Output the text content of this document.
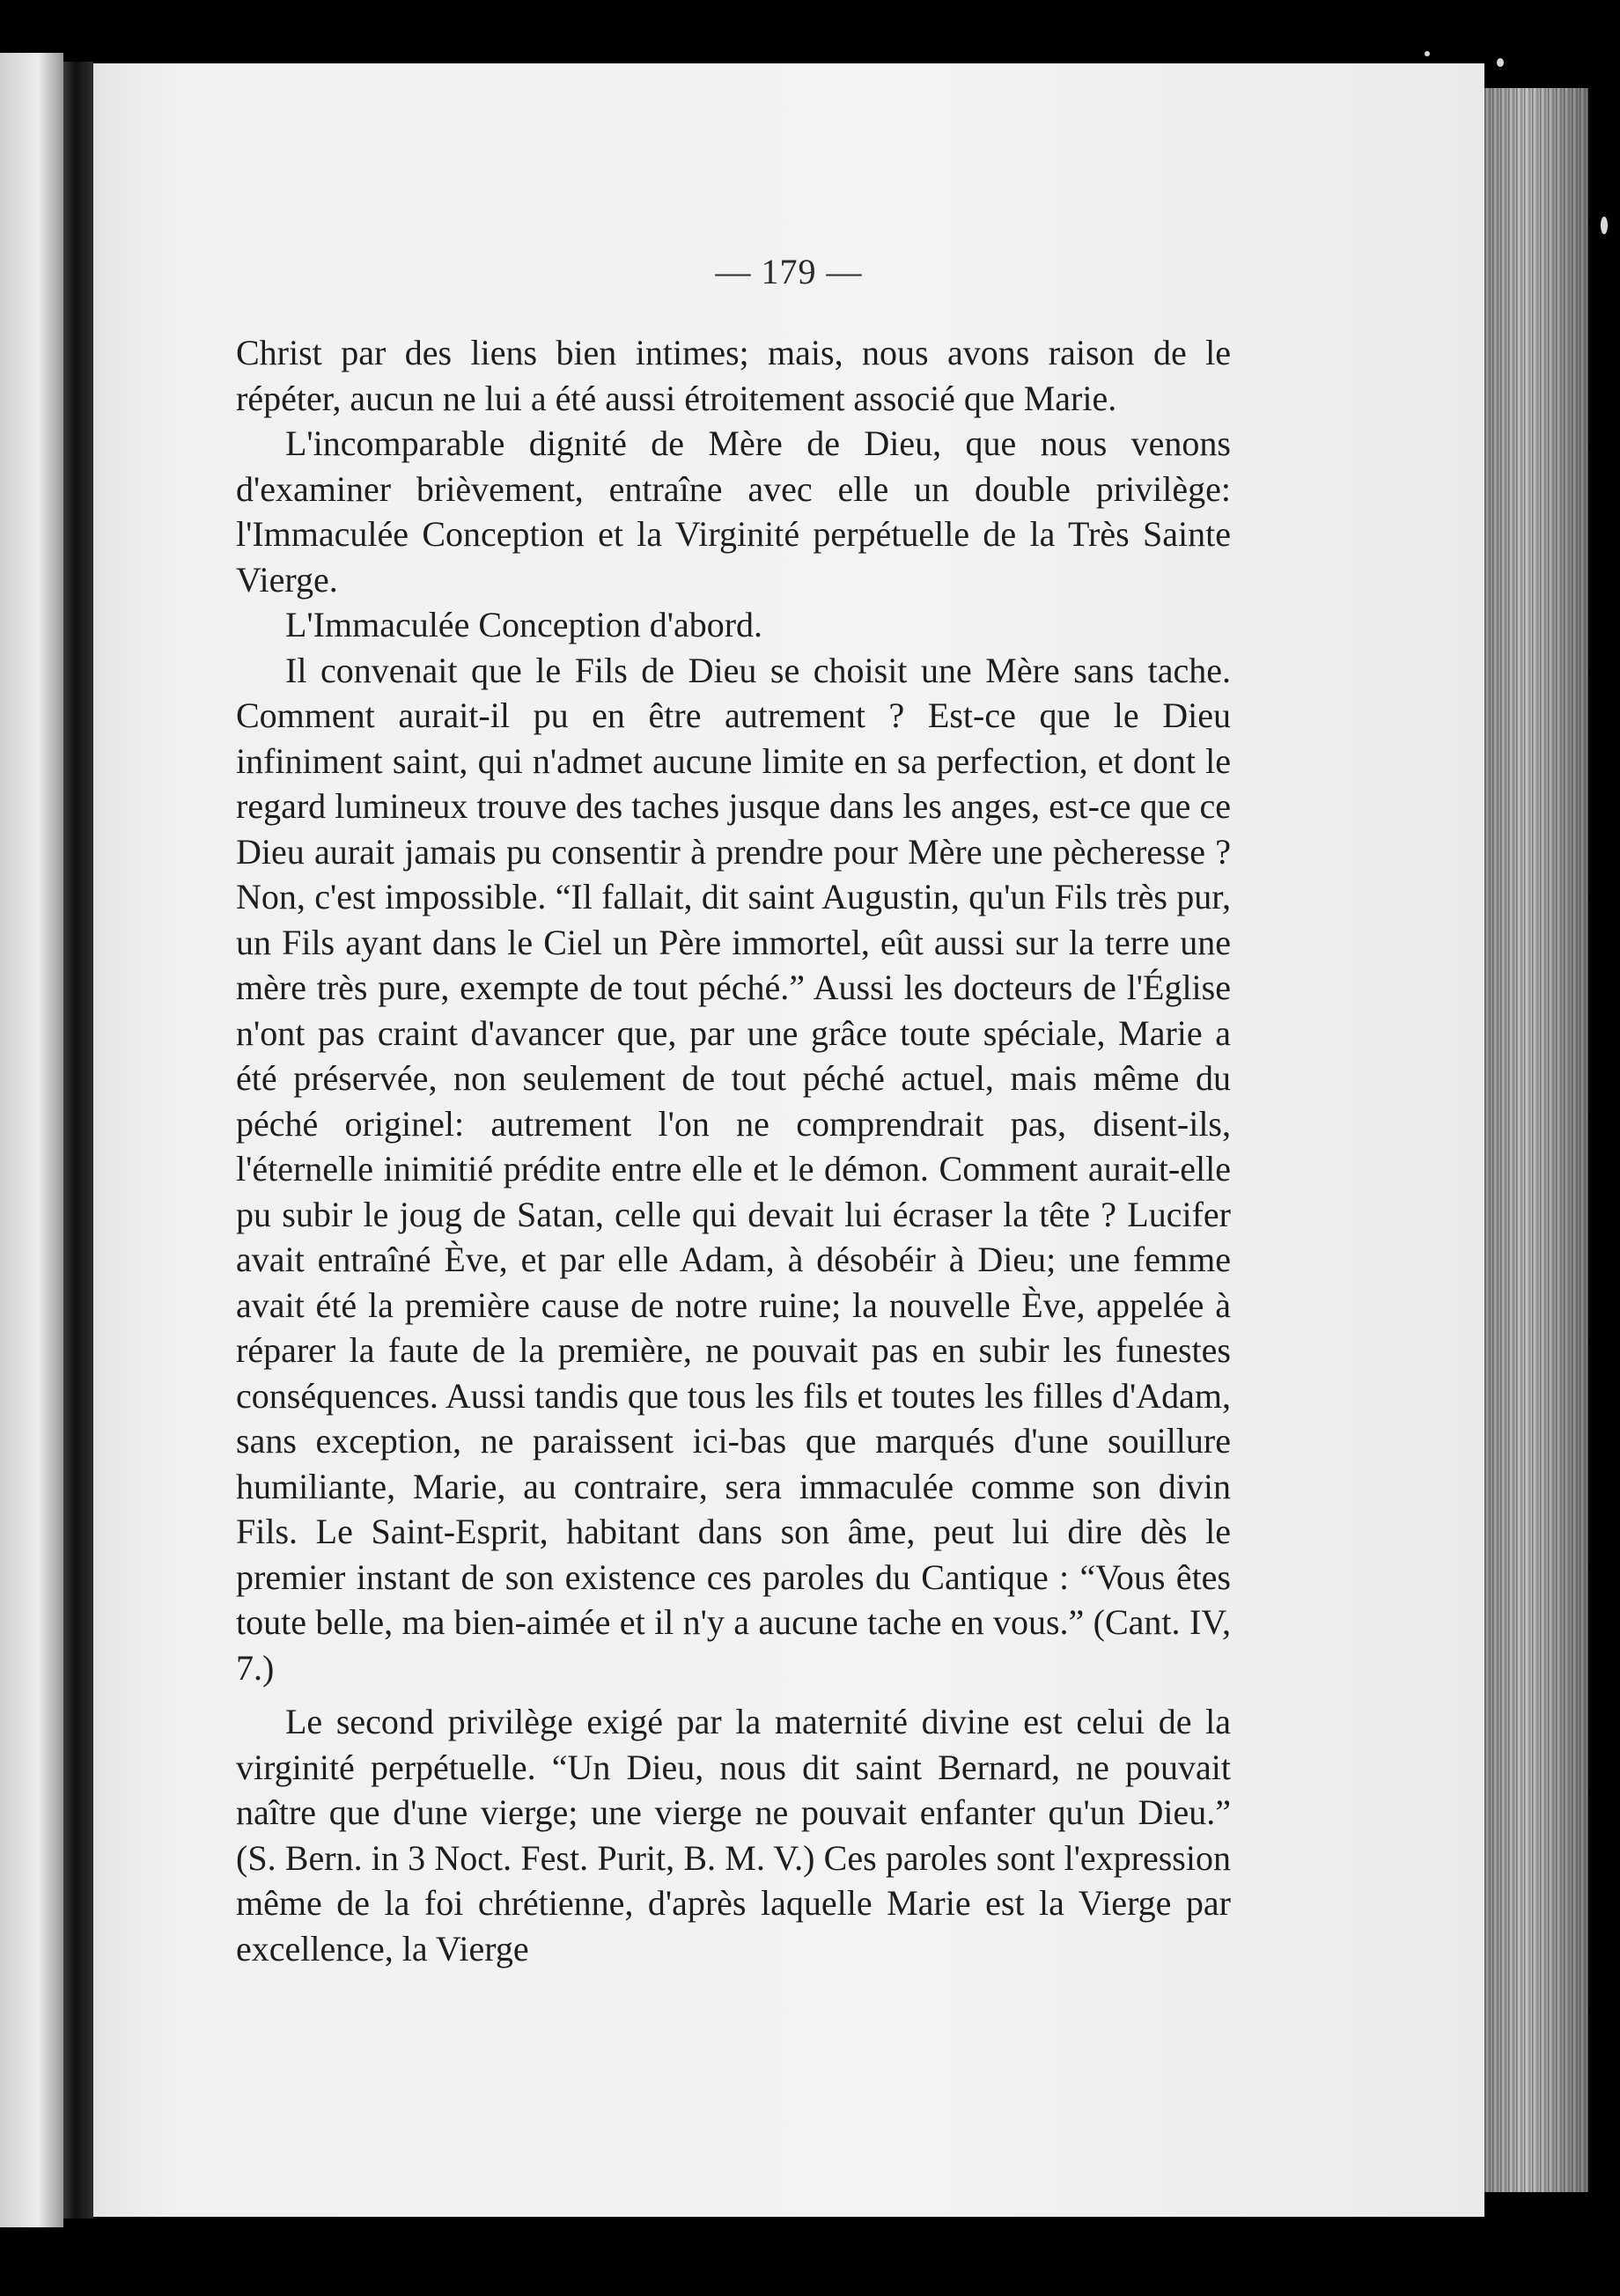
— 179 —

Christ par des liens bien intimes; mais, nous avons raison de le répéter, aucun ne lui a été aussi étroitement associé que Marie.

L'incomparable dignité de Mère de Dieu, que nous venons d'examiner brièvement, entraîne avec elle un double privilège: l'Immaculée Conception et la Virginité perpétuelle de la Très Sainte Vierge.

L'Immaculée Conception d'abord.

Il convenait que le Fils de Dieu se choisit une Mère sans tache. Comment aurait-il pu en être autrement ? Est-ce que le Dieu infiniment saint, qui n'admet aucune limite en sa perfection, et dont le regard lumineux trouve des taches jusque dans les anges, est-ce que ce Dieu aurait jamais pu consentir à prendre pour Mère une pècheresse ? Non, c'est impossible. “Il fallait, dit saint Augustin, qu'un Fils très pur, un Fils ayant dans le Ciel un Père immortel, eût aussi sur la terre une mère très pure, exempte de tout péché.” Aussi les docteurs de l'Église n'ont pas craint d'avancer que, par une grâce toute spéciale, Marie a été préservée, non seulement de tout péché actuel, mais même du péché originel: autrement l'on ne comprendrait pas, disent-ils, l'éternelle inimitié prédite entre elle et le démon. Comment aurait-elle pu subir le joug de Satan, celle qui devait lui écraser la tête ? Lucifer avait entraîné Ève, et par elle Adam, à désobéir à Dieu; une femme avait été la première cause de notre ruine; la nouvelle Ève, appelée à réparer la faute de la première, ne pouvait pas en subir les funestes conséquences. Aussi tandis que tous les fils et toutes les filles d'Adam, sans exception, ne paraissent ici-bas que marqués d'une souillure humiliante, Marie, au contraire, sera immaculée comme son divin Fils. Le Saint-Esprit, habitant dans son âme, peut lui dire dès le premier instant de son existence ces paroles du Cantique : “Vous êtes toute belle, ma bien-aimée et il n'y a aucune tache en vous.” (Cant. IV, 7.)

Le second privilège exigé par la maternité divine est celui de la virginité perpétuelle. “Un Dieu, nous dit saint Bernard, ne pouvait naître que d'une vierge; une vierge ne pouvait enfanter qu'un Dieu.” (S. Bern. in 3 Noct. Fest. Purit, B. M. V.) Ces paroles sont l'expression même de la foi chrétienne, d'après laquelle Marie est la Vierge par excellence, la Vierge
